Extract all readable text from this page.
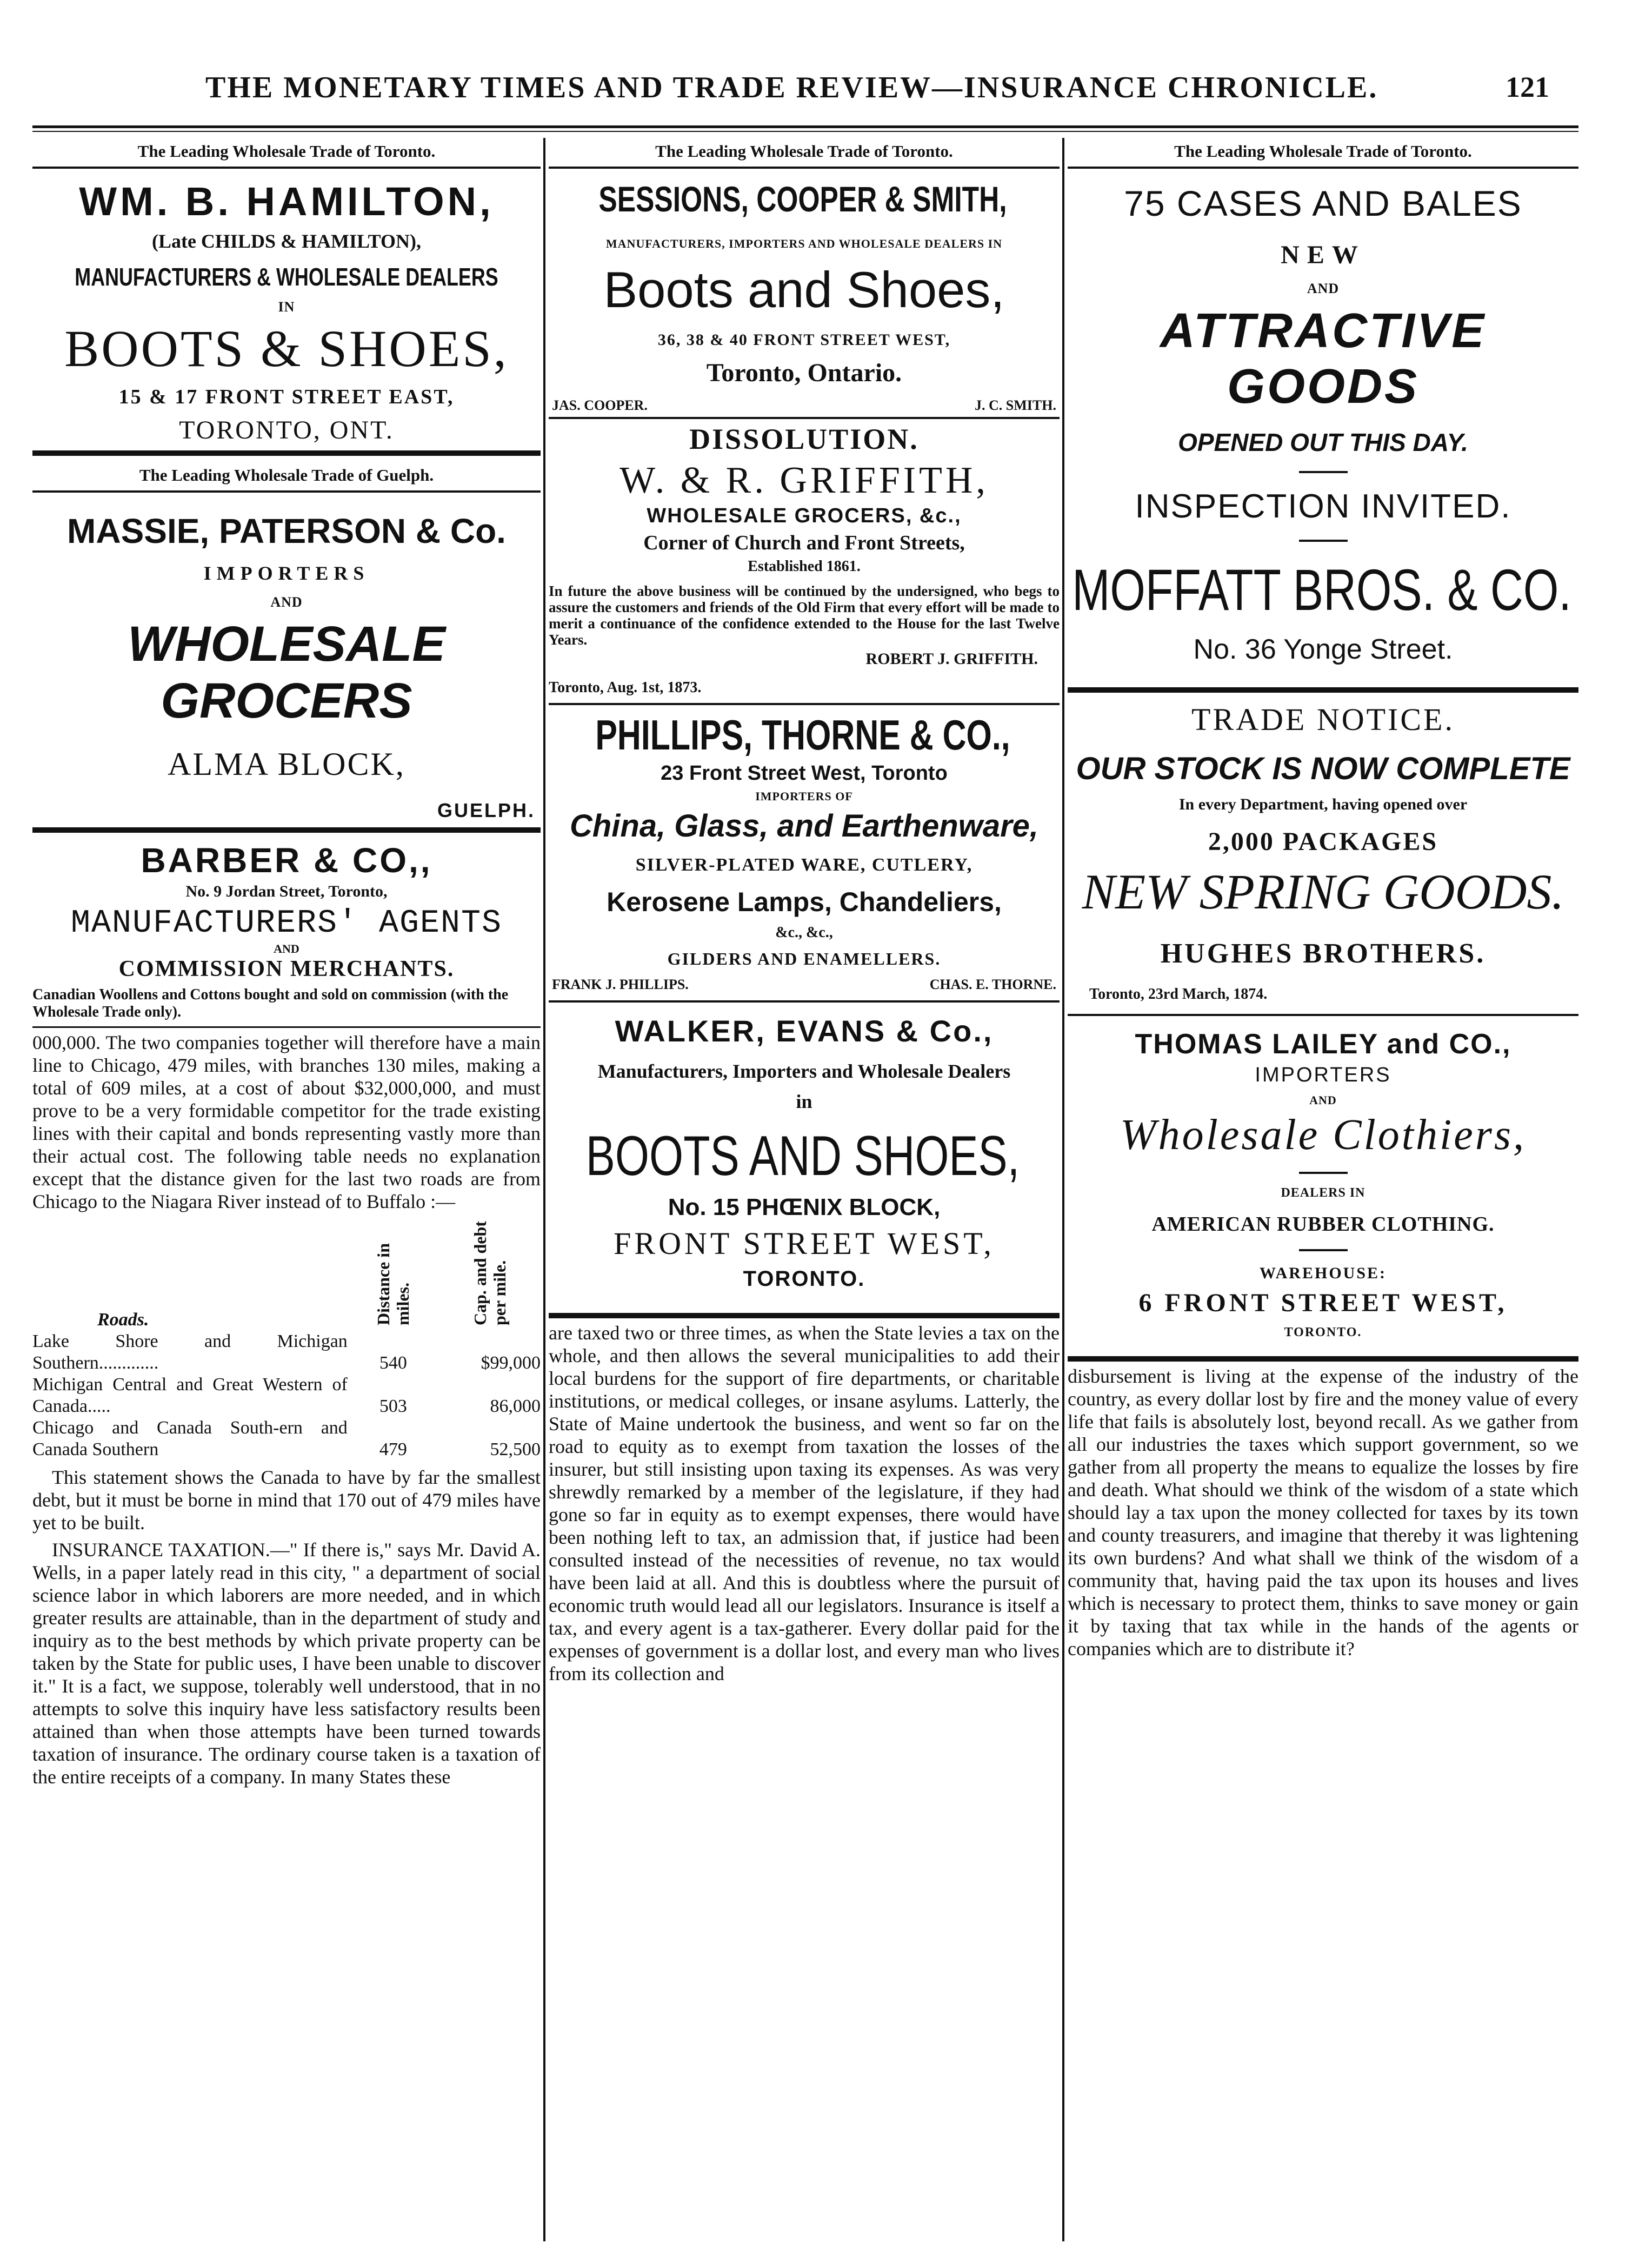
THE MONETARY TIMES AND TRADE REVIEW—INSURANCE CHRONICLE.	121
The Leading Wholesale Trade of Toronto.
WM. B. HAMILTON,
(Late CHILDS & HAMILTON),
MANUFACTURERS & WHOLESALE DEALERS
IN
BOOTS & SHOES,
15 & 17 FRONT STREET EAST,
TORONTO, ONT.
The Leading Wholesale Trade of Guelph.
MASSIE, PATERSON & Co.
IMPORTERS
AND
WHOLESALE GROCERS
ALMA BLOCK,
GUELPH.
BARBER & CO,,
No. 9 Jordan Street, Toronto,
MANUFACTURERS' AGENTS
AND
COMMISSION MERCHANTS.
Canadian Woollens and Cottons bought and sold on commission (with the Wholesale Trade only).

000,000. The two companies together will therefore have a main line to Chicago, 479 miles, with branches 130 miles, making a total of 609 miles, at a cost of about $32,000,000, and must prove to be a very formidable competitor for the trade existing lines with their capital and bonds representing vastly more than their actual cost. The following table needs no explanation except that the distance given for the last two roads are from Chicago to the Niagara River instead of to Buffalo :—

Roads.	Distance in miles.	Cap. and debt per mile.
Lake Shore and Michigan Southern.............	540	$99,000
Michigan Central and Great Western of Canada.....	503	86,000
Chicago and Canada South-ern and Canada Southern	479	52,500

This statement shows the Canada to have by far the smallest debt, but it must be borne in mind that 170 out of 479 miles have yet to be built.

INSURANCE TAXATION.—" If there is," says Mr. David A. Wells, in a paper lately read in this city, " a department of social science labor in which laborers are more needed, and in which greater results are attainable, than in the department of study and inquiry as to the best methods by which private property can be taken by the State for public uses, I have been unable to discover it." It is a fact, we suppose, tolerably well understood, that in no attempts to solve this inquiry have less satisfactory results been attained than when those attempts have been turned towards taxation of insurance. The ordinary course taken is a taxation of the entire receipts of a company. In many States these

The Leading Wholesale Trade of Toronto.
SESSIONS, COOPER & SMITH,
MANUFACTURERS, IMPORTERS AND WHOLESALE DEALERS IN
Boots and Shoes,
36, 38 & 40 FRONT STREET WEST,
Toronto, Ontario.
JAS. COOPER.	J. C. SMITH.
DISSOLUTION.
W. & R. GRIFFITH,
WHOLESALE GROCERS, &c.,
Corner of Church and Front Streets,
Established 1861.
In future the above business will be continued by the undersigned, who begs to assure the customers and friends of the Old Firm that every effort will be made to merit a continuance of the confidence extended to the House for the last Twelve Years.
ROBERT J. GRIFFITH.
Toronto, Aug. 1st, 1873.
PHILLIPS, THORNE & CO.,
23 Front Street West, Toronto
IMPORTERS OF
China, Glass, and Earthenware,
SILVER-PLATED WARE, CUTLERY,
Kerosene Lamps, Chandeliers,
&c., &c.,
GILDERS AND ENAMELLERS.
FRANK J. PHILLIPS.	CHAS. E. THORNE.
WALKER, EVANS & Co.,
Manufacturers, Importers and Wholesale Dealers in
BOOTS AND SHOES,
No. 15 PHŒNIX BLOCK,
FRONT STREET WEST,
TORONTO.

are taxed two or three times, as when the State levies a tax on the whole, and then allows the several municipalities to add their local burdens for the support of fire departments, or charitable institutions, or medical colleges, or insane asylums. Latterly, the State of Maine undertook the business, and went so far on the road to equity as to exempt from taxation the losses of the insurer, but still insisting upon taxing its expenses. As was very shrewdly remarked by a member of the legislature, if they had gone so far in equity as to exempt expenses, there would have been nothing left to tax, an admission that, if justice had been consulted instead of the necessities of revenue, no tax would have been laid at all. And this is doubtless where the pursuit of economic truth would lead all our legislators. Insurance is itself a tax, and every agent is a tax-gatherer. Every dollar paid for the expenses of government is a dollar lost, and every man who lives from its collection and

The Leading Wholesale Trade of Toronto.
75 CASES AND BALES
NEW
AND
ATTRACTIVE GOODS
OPENED OUT THIS DAY.
INSPECTION INVITED.
MOFFATT BROS. & CO.
No. 36 Yonge Street.
TRADE NOTICE.
OUR STOCK IS NOW COMPLETE
In every Department, having opened over
2,000 PACKAGES
NEW SPRING GOODS.
HUGHES BROTHERS.
Toronto, 23rd March, 1874.
THOMAS LAILEY and CO.,
IMPORTERS
AND
Wholesale Clothiers,
DEALERS IN
AMERICAN RUBBER CLOTHING.
WAREHOUSE:
6 FRONT STREET WEST,
TORONTO.

disbursement is living at the expense of the industry of the country, as every dollar lost by fire and the money value of every life that fails is absolutely lost, beyond recall. As we gather from all our industries the taxes which support government, so we gather from all property the means to equalize the losses by fire and death. What should we think of the wisdom of a state which should lay a tax upon the money collected for taxes by its town and county treasurers, and imagine that thereby it was lightening its own burdens? And what shall we think of the wisdom of a community that, having paid the tax upon its houses and lives which is necessary to protect them, thinks to save money or gain it by taxing that tax while in the hands of the agents or companies which are to distribute it?
